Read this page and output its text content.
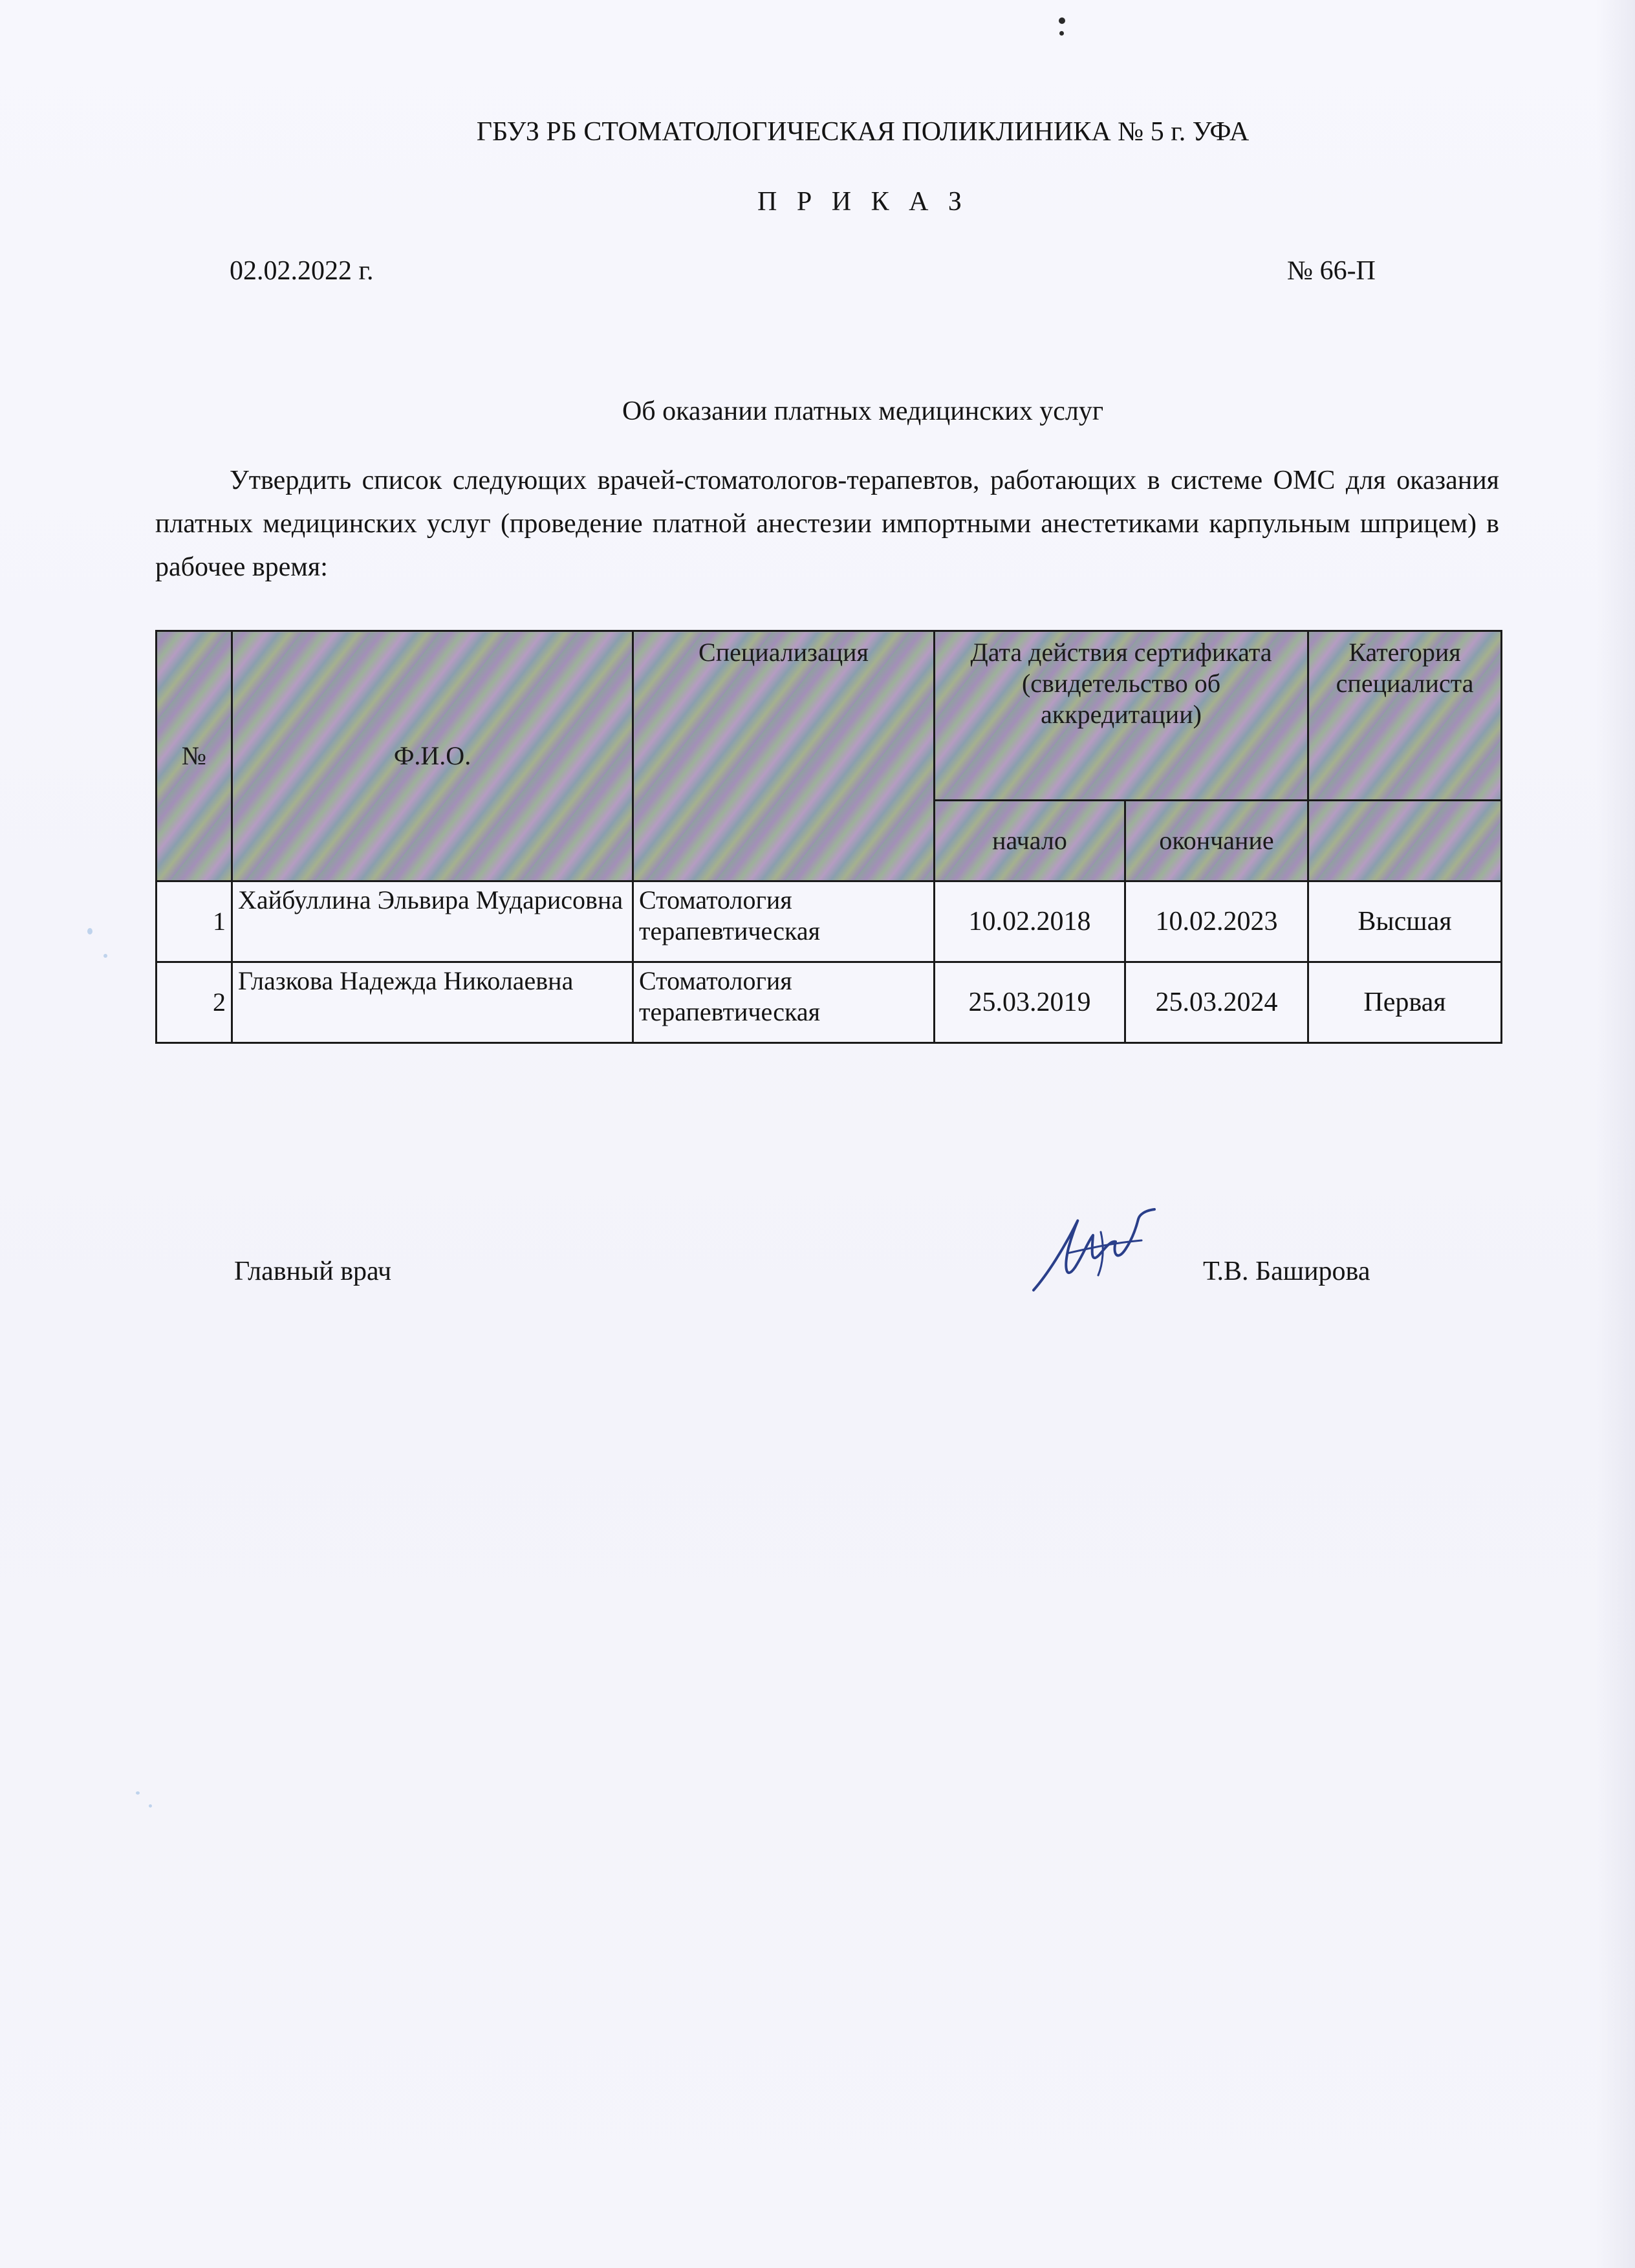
ГБУЗ РБ СТОМАТОЛОГИЧЕСКАЯ ПОЛИКЛИНИКА № 5 г. УФА
П Р И К А З
02.02.2022 г.	№ 66-П
Об оказании платных медицинских услуг
Утвердить список следующих врачей-стоматологов-терапевтов, работающих в системе ОМС для оказания платных медицинских услуг (проведение платной анестезии импортными анестетиками карпульным шприцем) в рабочее время:
№	Ф.И.О.	Специализация	Дата действия сертификата (свидетельство об аккредитации)		Категория специалиста
			начало	окончание	
1	Хайбуллина Эльвира Мударисовна	Стоматология терапевтическая	10.02.2018	10.02.2023	Высшая
2	Глазкова Надежда Николаевна	Стоматология терапевтическая	25.03.2019	25.03.2024	Первая
Главный врач	Т.В. Баширова
